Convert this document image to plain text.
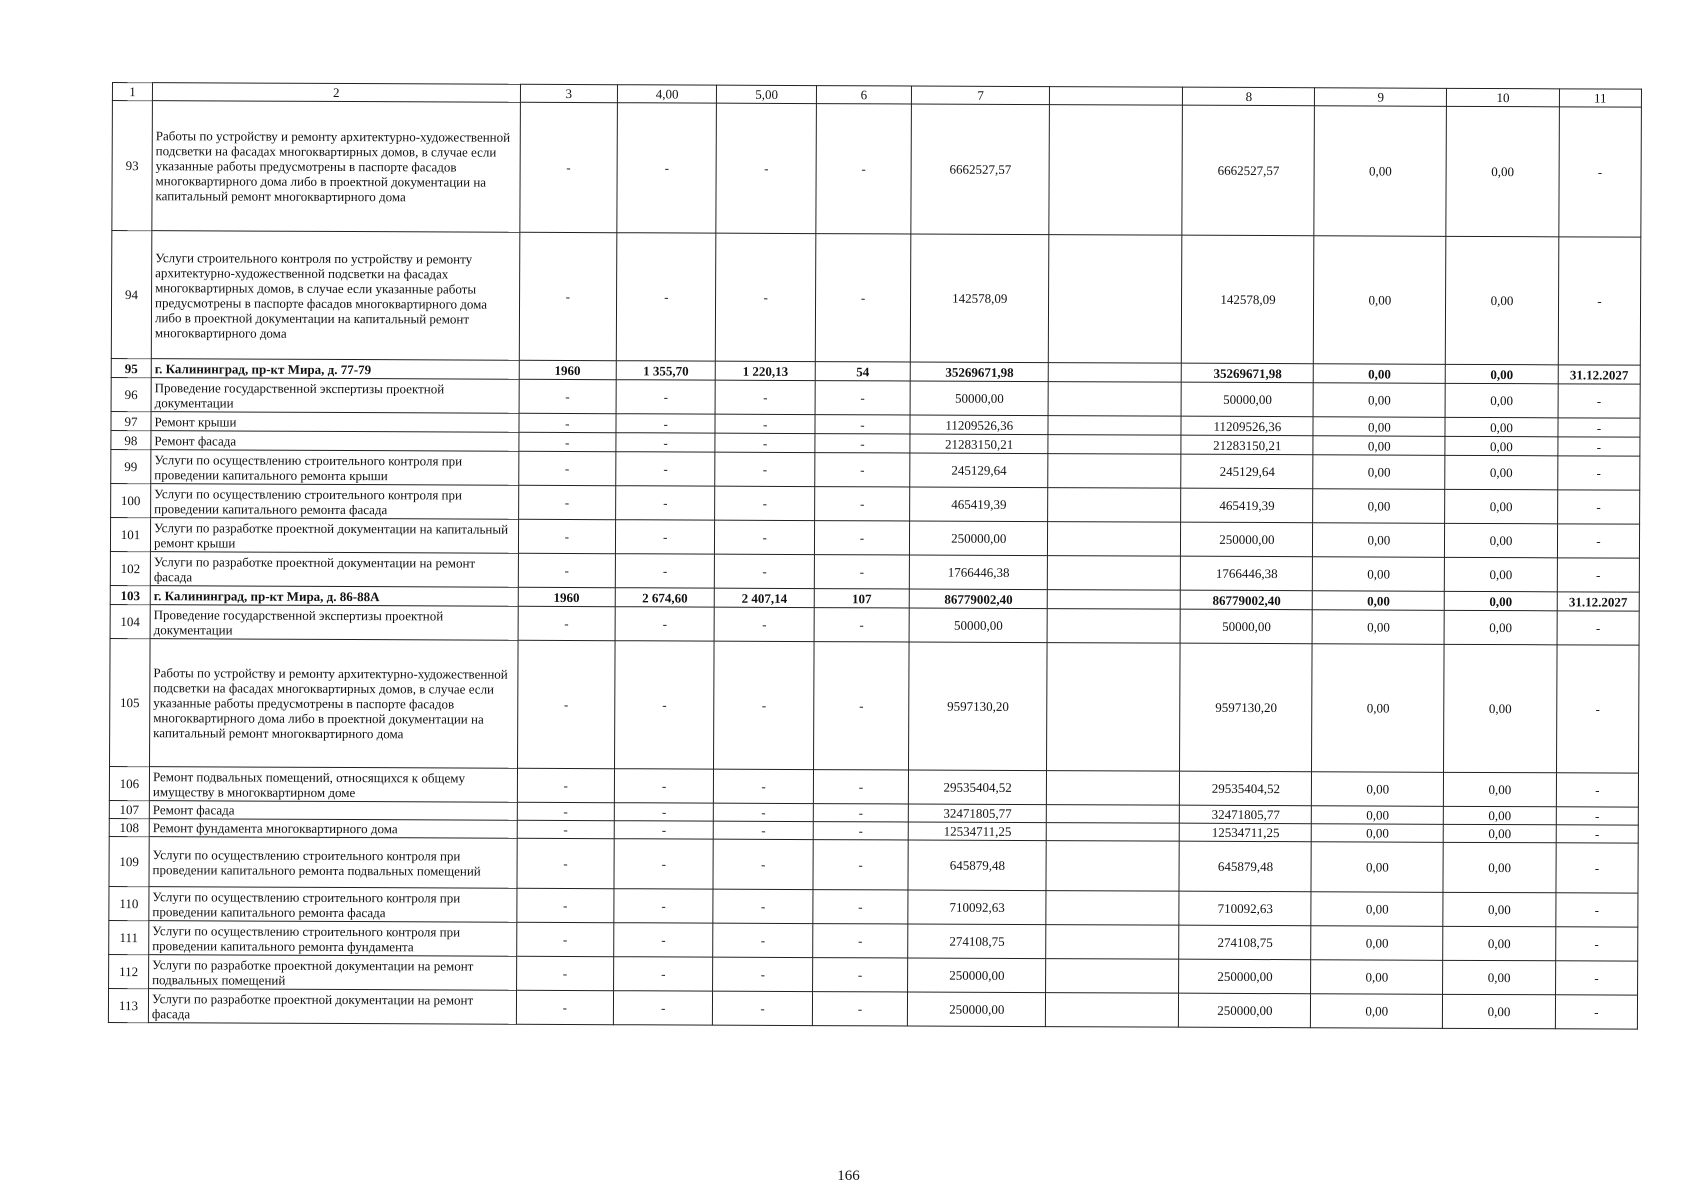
1	2	3	4,00	5,00	6	7		8	9	10	11
93	Работы по устройству и ремонту архитектурно-художественной подсветки на фасадах многоквартирных домов, в случае если указанные работы предусмотрены в паспорте фасадов многоквартирного дома либо в проектной документации на капитальный ремонт многоквартирного дома	-	-	-	-	6662527,57		6662527,57	0,00	0,00	-
94	Услуги строительного контроля по устройству и ремонту архитектурно-художественной подсветки на фасадах многоквартирных домов, в случае если указанные работы предусмотрены в паспорте фасадов многоквартирного дома либо в проектной документации на капитальный ремонт многоквартирного дома	-	-	-	-	142578,09		142578,09	0,00	0,00	-
95	г. Калининград, пр-кт Мира, д. 77-79	1960	1 355,70	1 220,13	54	35269671,98		35269671,98	0,00	0,00	31.12.2027
96	Проведение государственной экспертизы проектной документации	-	-	-	-	50000,00		50000,00	0,00	0,00	-
97	Ремонт крыши	-	-	-	-	11209526,36		11209526,36	0,00	0,00	-
98	Ремонт фасада	-	-	-	-	21283150,21		21283150,21	0,00	0,00	-
99	Услуги по осуществлению строительного контроля при проведении капитального ремонта крыши	-	-	-	-	245129,64		245129,64	0,00	0,00	-
100	Услуги по осуществлению строительного контроля при проведении капитального ремонта фасада	-	-	-	-	465419,39		465419,39	0,00	0,00	-
101	Услуги по разработке проектной документации на капитальный ремонт крыши	-	-	-	-	250000,00		250000,00	0,00	0,00	-
102	Услуги по разработке проектной документации на ремонт фасада	-	-	-	-	1766446,38		1766446,38	0,00	0,00	-
103	г. Калининград, пр-кт Мира, д. 86-88А	1960	2 674,60	2 407,14	107	86779002,40		86779002,40	0,00	0,00	31.12.2027
104	Проведение государственной экспертизы проектной документации	-	-	-	-	50000,00		50000,00	0,00	0,00	-
105	Работы по устройству и ремонту архитектурно-художественной подсветки на фасадах многоквартирных домов, в случае если указанные работы предусмотрены в паспорте фасадов многоквартирного дома либо в проектной документации на капитальный ремонт многоквартирного дома	-	-	-	-	9597130,20		9597130,20	0,00	0,00	-
106	Ремонт подвальных помещений, относящихся к общему имуществу в многоквартирном доме	-	-	-	-	29535404,52		29535404,52	0,00	0,00	-
107	Ремонт фасада	-	-	-	-	32471805,77		32471805,77	0,00	0,00	-
108	Ремонт фундамента многоквартирного дома	-	-	-	-	12534711,25		12534711,25	0,00	0,00	-
109	Услуги по осуществлению строительного контроля при проведении капитального ремонта подвальных помещений	-	-	-	-	645879,48		645879,48	0,00	0,00	-
110	Услуги по осуществлению строительного контроля при проведении капитального ремонта фасада	-	-	-	-	710092,63		710092,63	0,00	0,00	-
111	Услуги по осуществлению строительного контроля при проведении капитального ремонта фундамента	-	-	-	-	274108,75		274108,75	0,00	0,00	-
112	Услуги по разработке проектной документации на ремонт подвальных помещений	-	-	-	-	250000,00		250000,00	0,00	0,00	-
113	Услуги по разработке проектной документации на ремонт фасада	-	-	-	-	250000,00		250000,00	0,00	0,00	-
166
